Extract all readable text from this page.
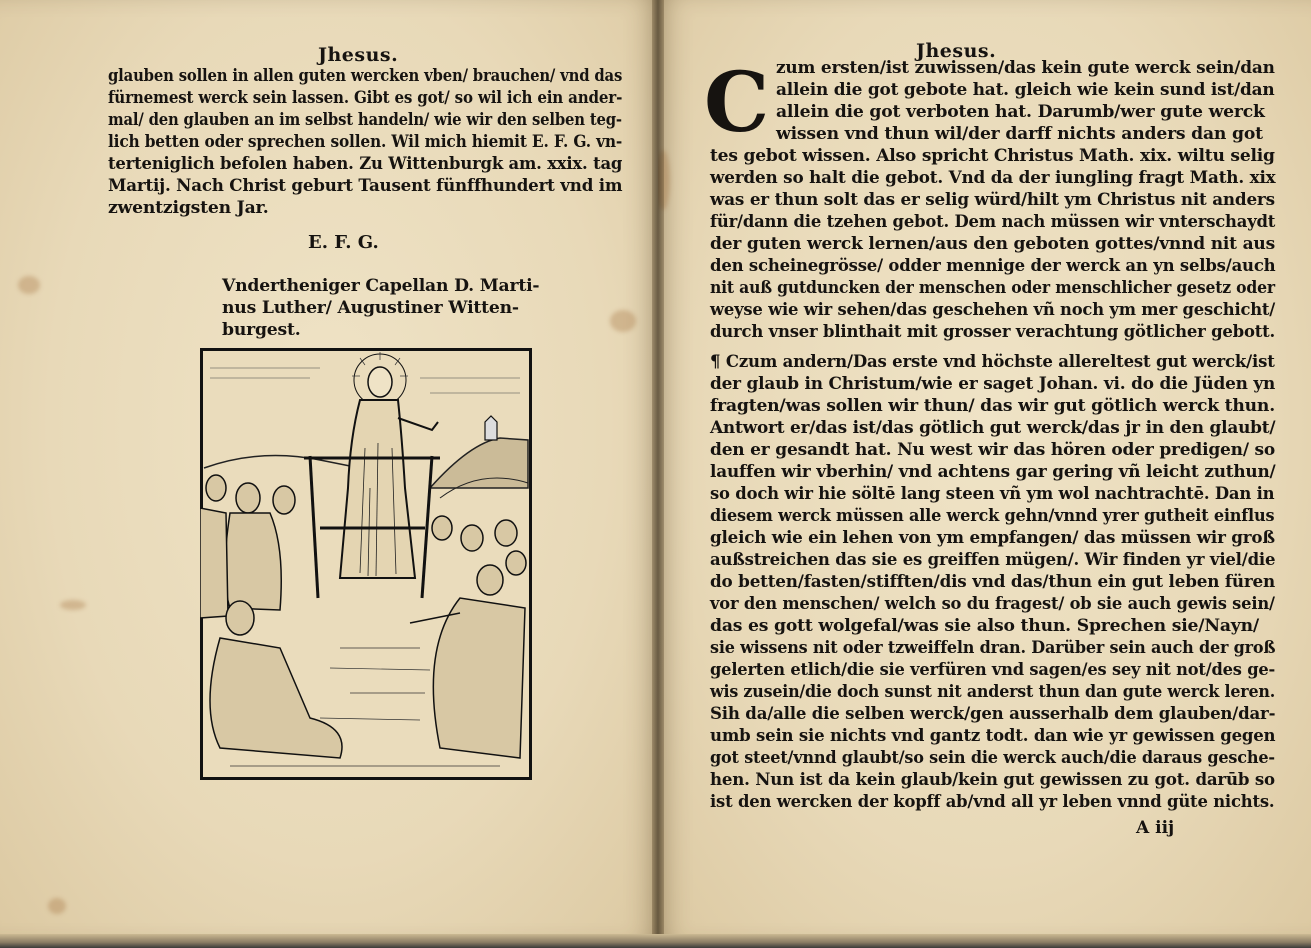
Jhesus.
glauben sollen in allen guten wercken vben/ brauchen/ vnd das
fürnemest werck sein lassen. Gibt es got/ so wil ich ein ander-
mal/ den glauben an im selbst handeln/ wie wir den selben teg-
lich betten oder sprechen sollen. Wil mich hiemit E. F. G. vn-
terteniglich befolen haben. Zu Wittenburgk am. xxix. tag
Martij. Nach Christ geburt Tausent fünffhundert vnd im
zwentzigsten Jar.
E. F. G.
Vndertheniger Capellan D. Marti-
nus Luther/ Augustiner Witten-
burgest.
Jhesus.
C zum ersten/ist zuwissen/das kein gute werck sein/dan
allein die got gebote hat. gleich wie kein sund ist/dan
allein die got verboten hat. Darumb/wer gute werck
wissen vnd thun wil/der darff nichts anders dan got
tes gebot wissen. Also spricht Christus Math. xix. wiltu selig
werden so halt die gebot. Vnd da der iungling fragt Math. xix
was er thun solt das er selig würd/hilt ym Christus nit anders
für/dann die tzehen gebot. Dem nach müssen wir vnterschaydt
der guten werck lernen/aus den geboten gottes/vnnd nit aus
den scheinegrösse/ odder mennige der werck an yn selbs/auch
nit auß gutduncken der menschen oder menschlicher gesetz oder
weyse wie wir sehen/das geschehen vñ noch ym mer geschicht/
durch vnser blinthait mit grosser verachtung götlicher gebott.
¶ Czum andern/Das erste vnd höchste allereltest gut werck/ist
der glaub in Christum/wie er saget Johan. vi. do die Jüden yn
fragten/was sollen wir thun/ das wir gut götlich werck thun.
Antwort er/das ist/das götlich gut werck/das jr in den glaubt/
den er gesandt hat. Nu west wir das hören oder predigen/ so
lauffen wir vberhin/ vnd achtens gar gering vñ leicht zuthun/
so doch wir hie söltē lang steen vñ ym wol nachtrachtē. Dan in
diesem werck müssen alle werck gehn/vnnd yrer gutheit einflus
gleich wie ein lehen von ym empfangen/ das müssen wir groß
außstreichen das sie es greiffen mügen/. Wir finden yr viel/die
do betten/fasten/stifften/dis vnd das/thun ein gut leben füren
vor den menschen/ welch so du fragest/ ob sie auch gewis sein/
das es gott wolgefal/was sie also thun. Sprechen sie/Nayn/
sie wissens nit oder tzweiffeln dran. Darüber sein auch der groß
gelerten etlich/die sie verfüren vnd sagen/es sey nit not/des ge-
wis zusein/die doch sunst nit anderst thun dan gute werck leren.
Sih da/alle die selben werck/gen ausserhalb dem glauben/dar-
umb sein sie nichts vnd gantz todt. dan wie yr gewissen gegen
got steet/vnnd glaubt/so sein die werck auch/die daraus gesche-
hen. Nun ist da kein glaub/kein gut gewissen zu got. darūb so
ist den wercken der kopff ab/vnd all yr leben vnnd güte nichts.
A iij
